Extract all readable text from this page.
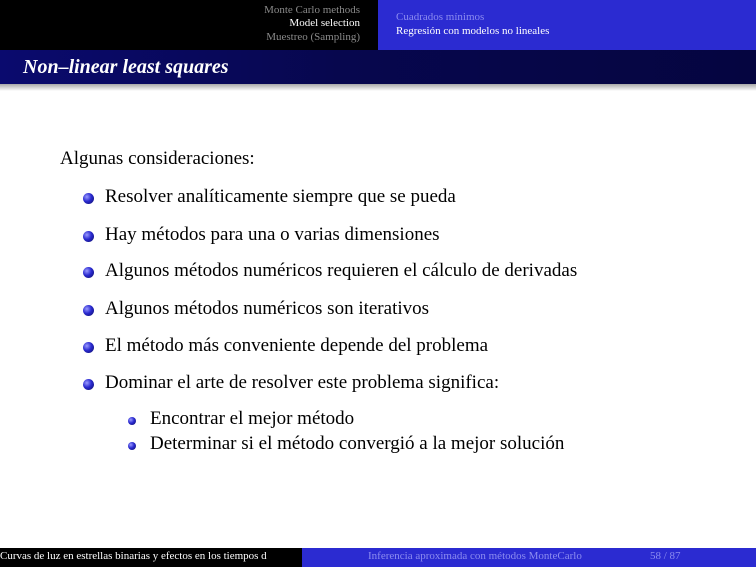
Monte Carlo methods
Model selection
Muestreo (Sampling)
Cuadrados mínimos
Regresión con modelos no lineales
Non–linear least squares
Algunas consideraciones:
Resolver analíticamente siempre que se pueda
Hay métodos para una o varias dimensiones
Algunos métodos numéricos requieren el cálculo de derivadas
Algunos métodos numéricos son iterativos
El método más conveniente depende del problema
Dominar el arte de resolver este problema significa:
Encontrar el mejor método
Determinar si el método convergió a la mejor solución
Curvas de luz en estrellas binarias y efectos en los tiempos d	Inferencia aproximada con métodos MonteCarlo	58 / 87
